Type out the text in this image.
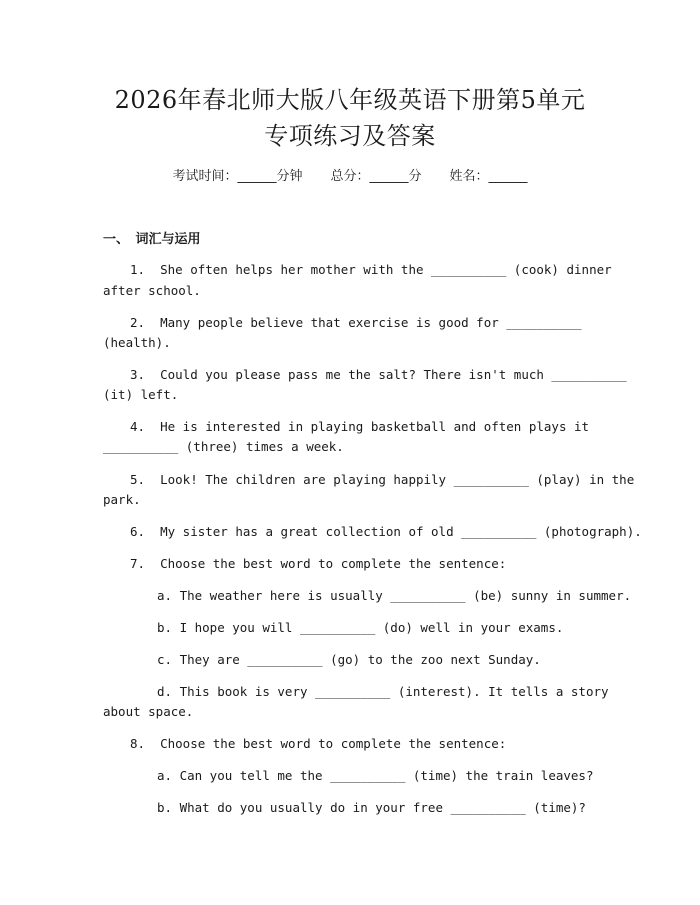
2026年春北师大版八年级英语下册第5单元
专项练习及答案
考试时间：______分钟 总分：______分 姓名：______
一、　词汇与运用
1.  She often helps her mother with the __________ (cook) dinner
after school.
2.  Many people believe that exercise is good for __________
(health).
3.  Could you please pass me the salt? There isn't much __________
(it) left.
4.  He is interested in playing basketball and often plays it
__________ (three) times a week.
5.  Look! The children are playing happily __________ (play) in the
park.
6.  My sister has a great collection of old __________ (photograph).
7.  Choose the best word to complete the sentence:
a. The weather here is usually __________ (be) sunny in summer.
b. I hope you will __________ (do) well in your exams.
c. They are __________ (go) to the zoo next Sunday.
d. This book is very __________ (interest). It tells a story
about space.
8.  Choose the best word to complete the sentence:
a. Can you tell me the __________ (time) the train leaves?
b. What do you usually do in your free __________ (time)?
